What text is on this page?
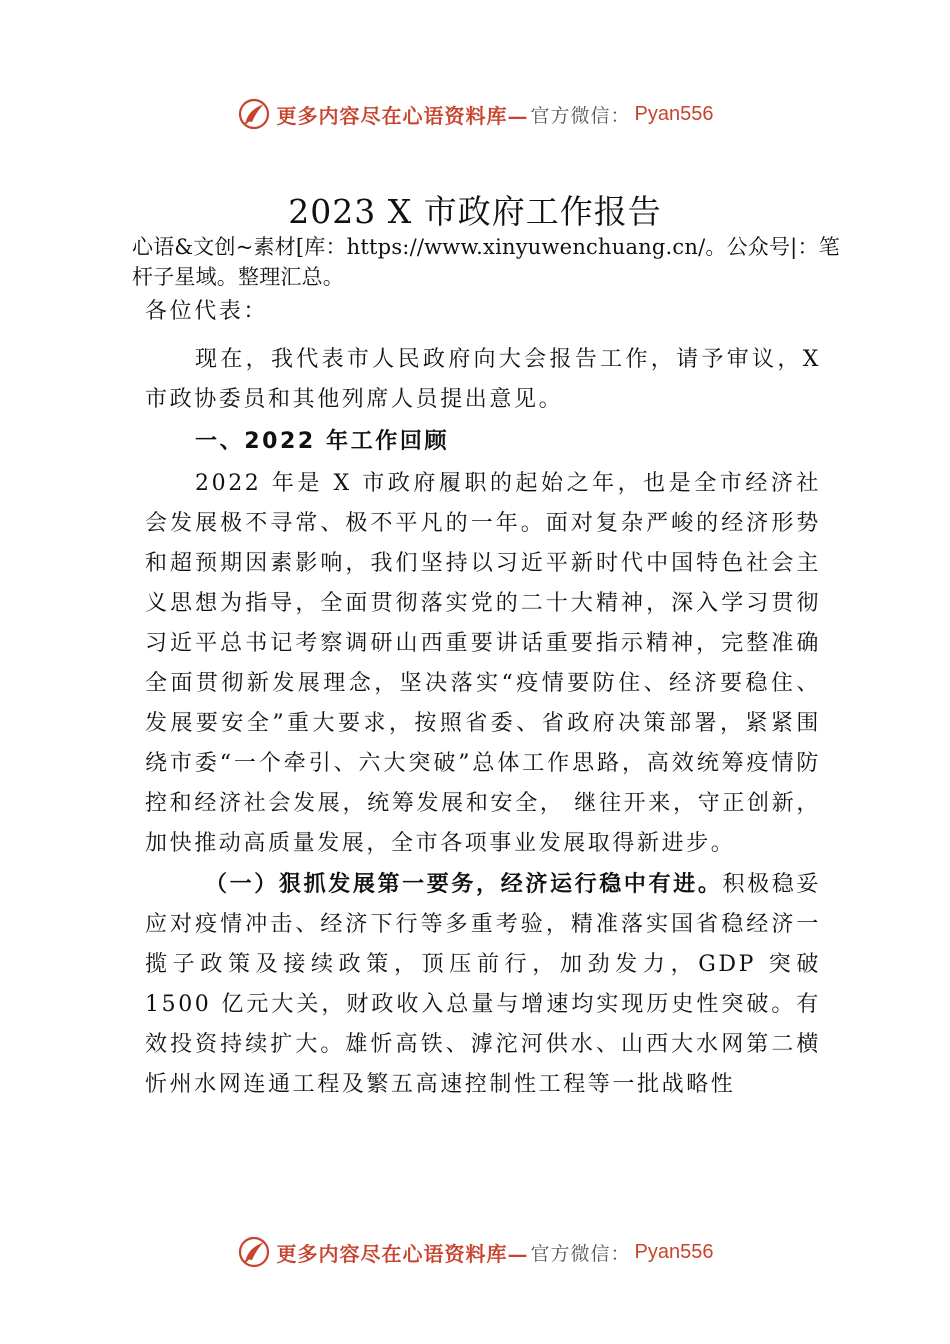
更多内容尽在心语资料库— 官方微信： Pyan556
2023 X 市政府工作报告
心语&文创~素材[库：https://www.xinyuwenchuang.cn/。公众号|：笔杆子星域。整理汇总。

各位代表：

现在，我代表市人民政府向大会报告工作，请予审议，X 市政协委员和其他列席人员提出意见。

一、2022 年工作回顾

2022 年是 X 市政府履职的起始之年，也是全市经济社会发展极不寻常、极不平凡的一年。面对复杂严峻的经济形势和超预期因素影响，我们坚持以习近平新时代中国特色社会主义思想为指导，全面贯彻落实党的二十大精神，深入学习贯彻习近平总书记考察调研山西重要讲话重要指示精神，完整准确全面贯彻新发展理念，坚决落实“疫情要防住、经济要稳住、发展要安全”重大要求，按照省委、省政府决策部署，紧紧围绕市委“一个牵引、六大突破”总体工作思路，高效统筹疫情防控和经济社会发展，统筹发展和安全， 继往开来，守正创新，加快推动高质量发展，全市各项事业发展取得新进步。

（一）狠抓发展第一要务，经济运行稳中有进。积极稳妥应对疫情冲击、经济下行等多重考验，精准落实国省稳经济一揽子政策及接续政策，顶压前行，加劲发力，GDP 突破 1500 亿元大关，财政收入总量与增速均实现历史性突破。有效投资持续扩大。雄忻高铁、滹沱河供水、山西大水网第二横忻州水网连通工程及繁五高速控制性工程等一批战略性

更多内容尽在心语资料库— 官方微信： Pyan556
